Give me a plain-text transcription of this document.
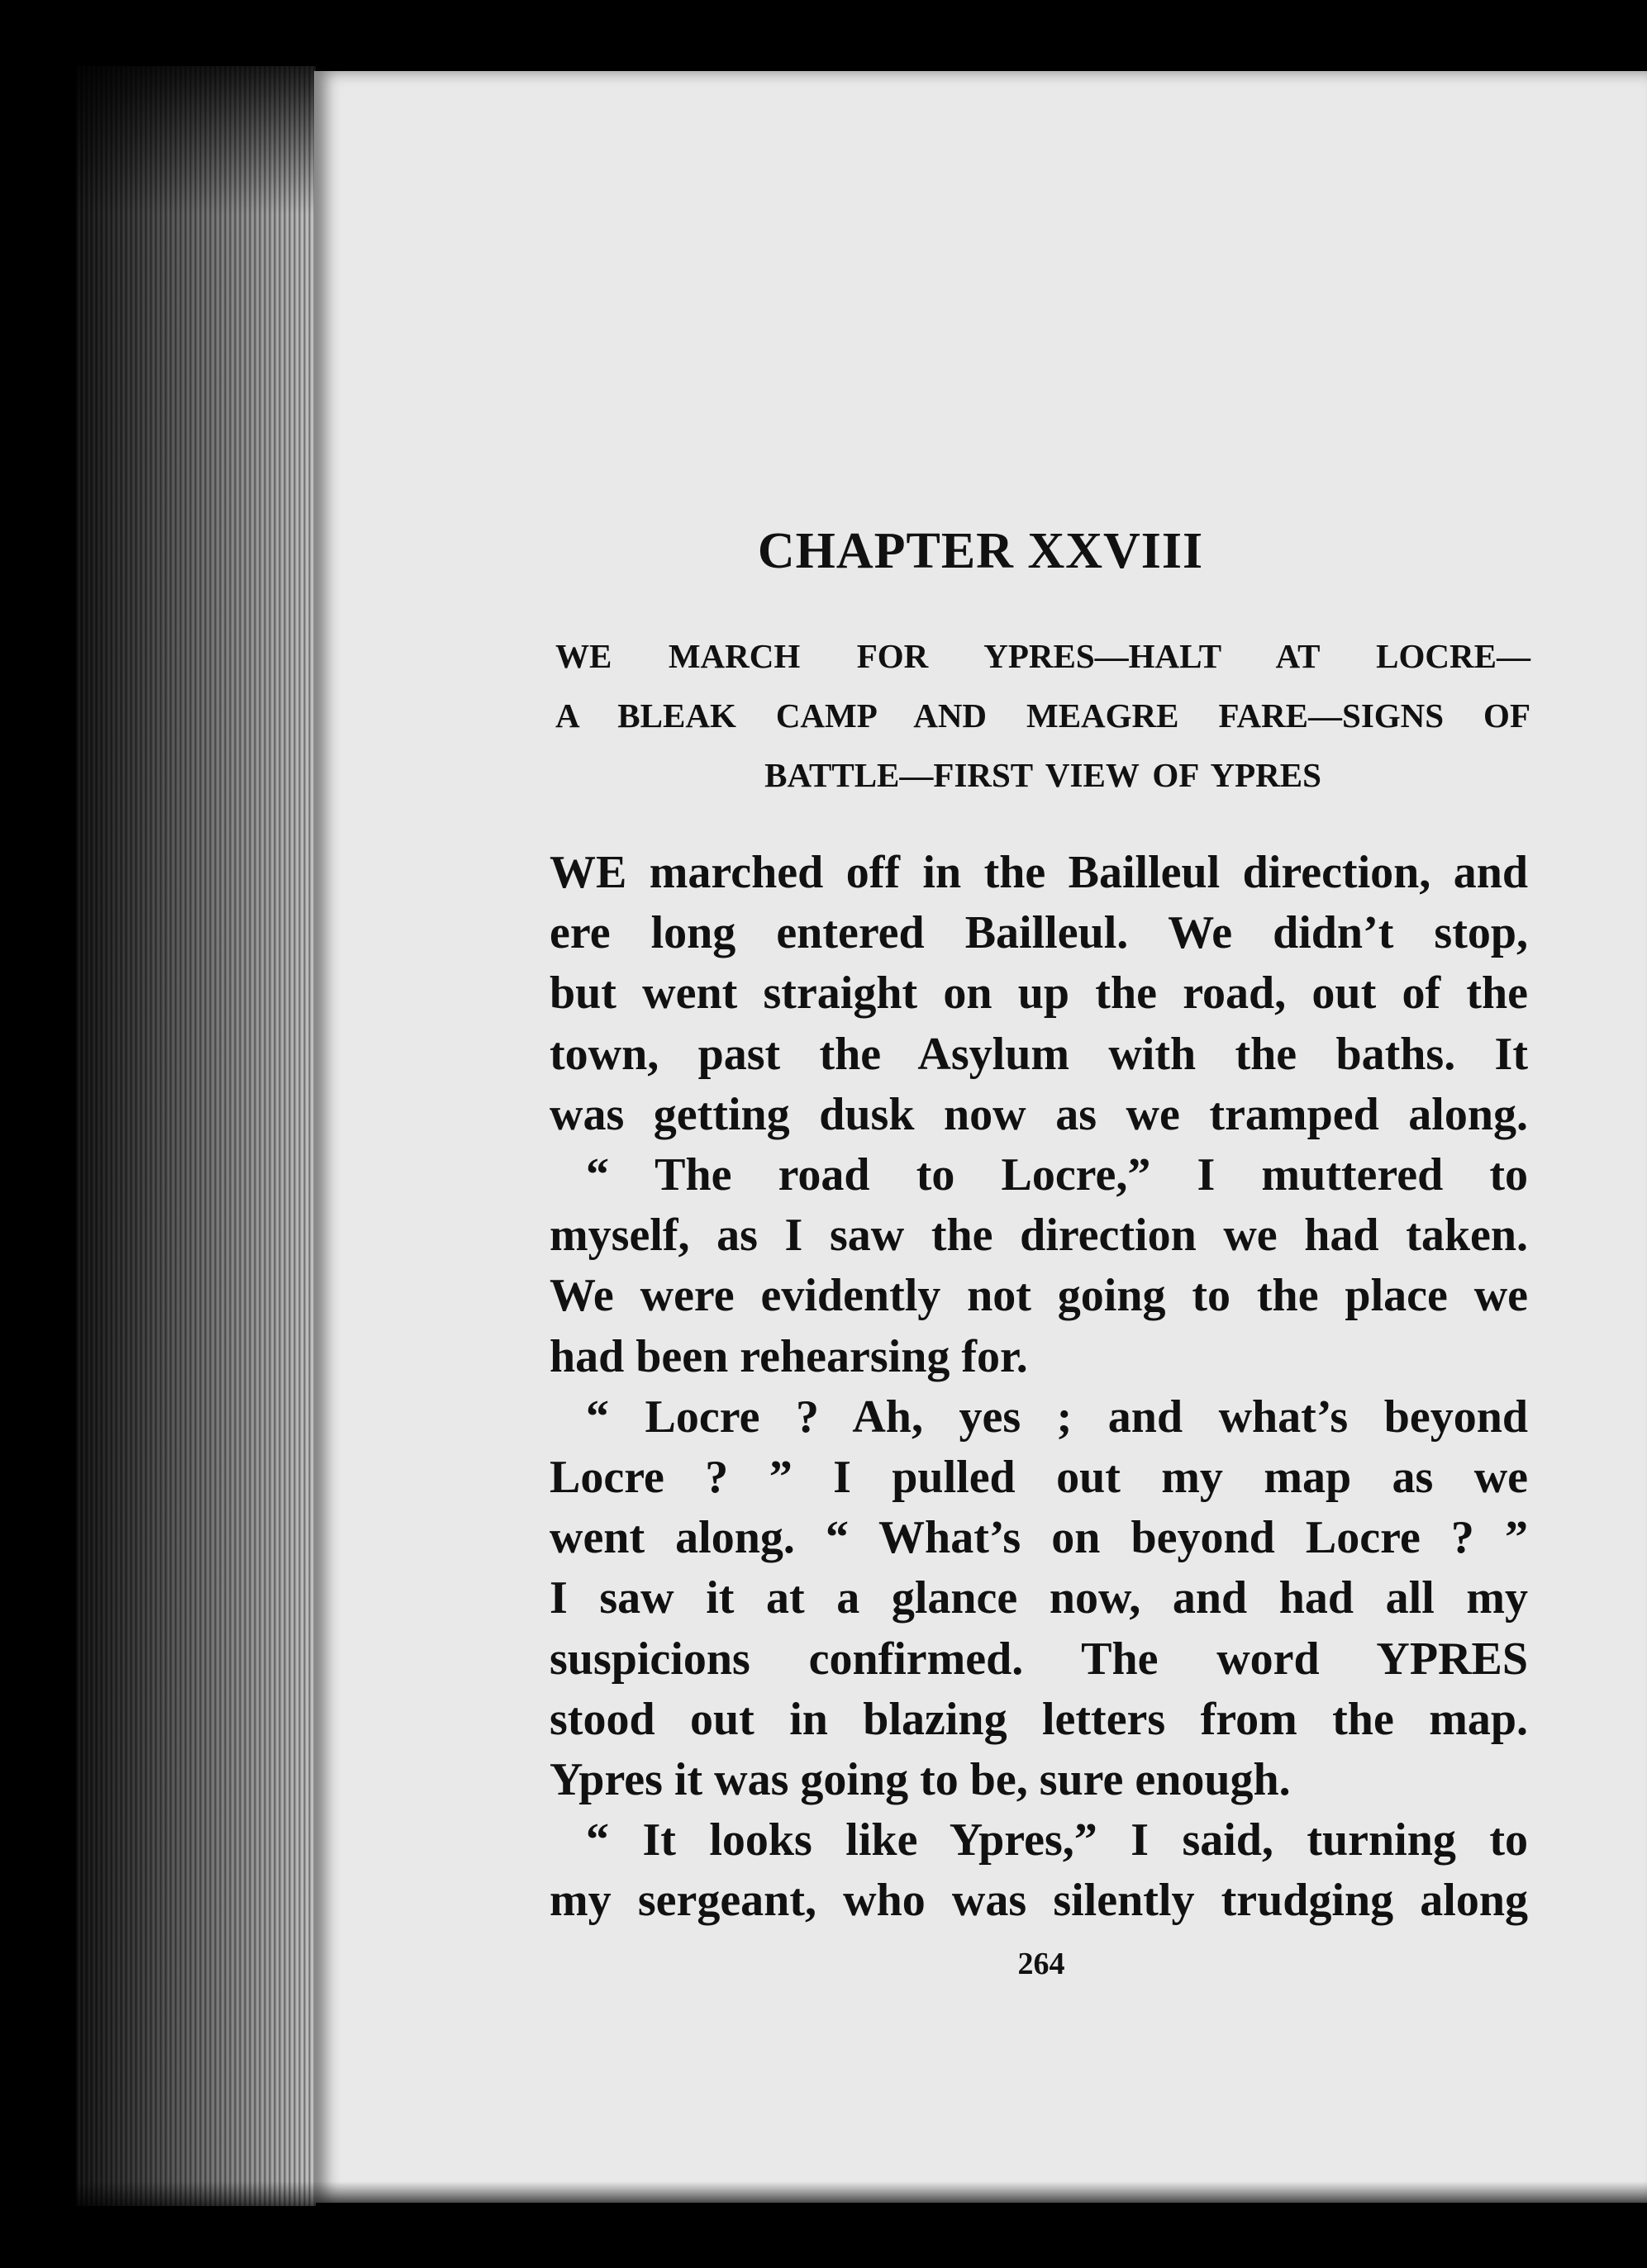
CHAPTER XXVIII

WE MARCH FOR YPRES—HALT AT LOCRE—
A BLEAK CAMP AND MEAGRE FARE—SIGNS OF
BATTLE—FIRST VIEW OF YPRES

WE marched off in the Bailleul direction, and
ere long entered Bailleul. We didn’t stop,
but went straight on up the road, out of the
town, past the Asylum with the baths. It
was getting dusk now as we tramped along.
“ The road to Locre,” I muttered to
myself, as I saw the direction we had taken.
We were evidently not going to the place we
had been rehearsing for.
“ Locre ? Ah, yes ; and what’s beyond
Locre ? ” I pulled out my map as we
went along. “ What’s on beyond Locre ? ”
I saw it at a glance now, and had all my
suspicions confirmed. The word YPRES
stood out in blazing letters from the map.
Ypres it was going to be, sure enough.
“ It looks like Ypres,” I said, turning to
my sergeant, who was silently trudging along
264
